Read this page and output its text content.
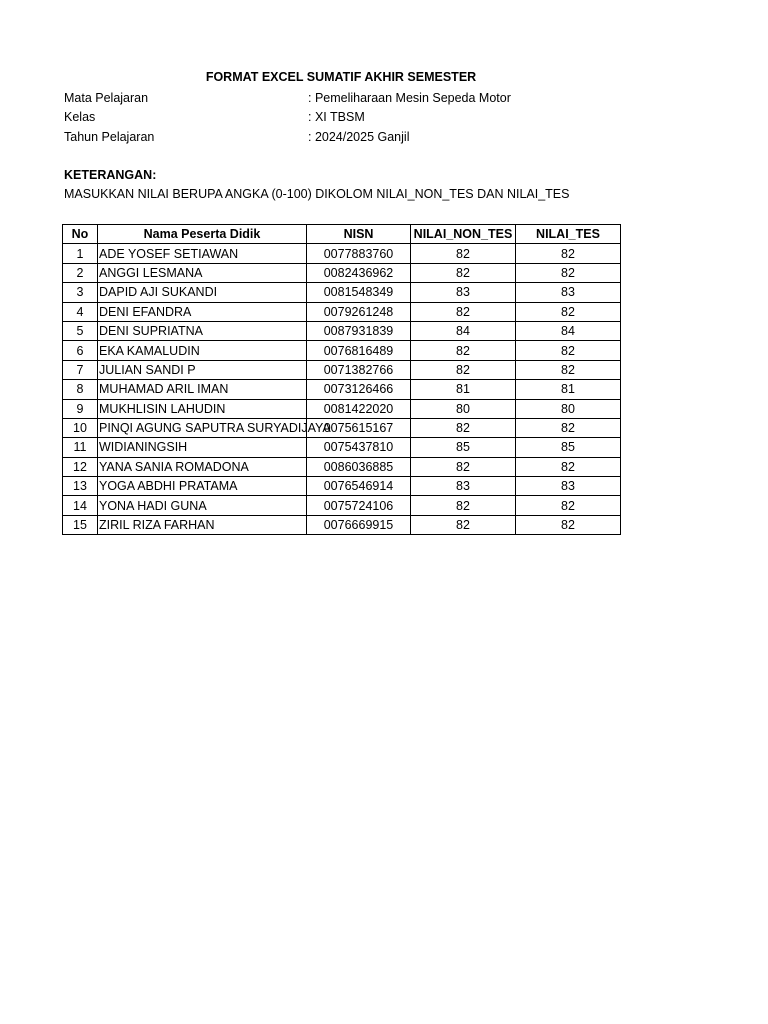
FORMAT EXCEL SUMATIF AKHIR SEMESTER
Mata Pelajaran	: Pemeliharaan Mesin Sepeda Motor
Kelas	: XI TBSM
Tahun Pelajaran	: 2024/2025 Ganjil
KETERANGAN:
MASUKKAN NILAI BERUPA ANGKA (0-100) DIKOLOM NILAI_NON_TES DAN NILAI_TES
No	Nama Peserta Didik	NISN	NILAI_NON_TES	NILAI_TES
1	ADE YOSEF SETIAWAN	0077883760	82	82
2	ANGGI LESMANA	0082436962	82	82
3	DAPID AJI SUKANDI	0081548349	83	83
4	DENI EFANDRA	0079261248	82	82
5	DENI SUPRIATNA	0087931839	84	84
6	EKA KAMALUDIN	0076816489	82	82
7	JULIAN SANDI P	0071382766	82	82
8	MUHAMAD ARIL IMAN	0073126466	81	81
9	MUKHLISIN LAHUDIN	0081422020	80	80
10	PINQI AGUNG SAPUTRA SURYADIJAYA	0075615167	82	82
11	WIDIANINGSIH	0075437810	85	85
12	YANA SANIA ROMADONA	0086036885	82	82
13	YOGA ABDHI PRATAMA	0076546914	83	83
14	YONA HADI GUNA	0075724106	82	82
15	ZIRIL RIZA FARHAN	0076669915	82	82
